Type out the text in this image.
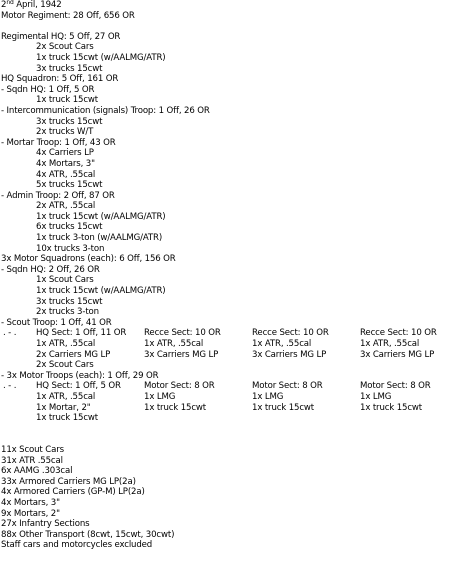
2nd April, 1942
Motor Regiment: 28 Off, 656 OR
Regimental HQ: 5 Off, 27 OR
2x Scout Cars
1x truck 15cwt (w/AALMG/ATR)
3x trucks 15cwt
HQ Squadron: 5 Off, 161 OR
- Sqdn HQ: 1 Off, 5 OR
1x truck 15cwt
- Intercommunication (signals) Troop: 1 Off, 26 OR
3x trucks 15cwt
2x trucks W/T
- Mortar Troop: 1 Off, 43 OR
4x Carriers LP
4x Mortars, 3"
4x ATR, .55cal
5x trucks 15cwt
- Admin Troop: 2 Off, 87 OR
2x ATR, .55cal
1x truck 15cwt (w/AALMG/ATR)
6x trucks 15cwt
1x truck 3-ton (w/AALMG/ATR)
10x trucks 3-ton
3x Motor Squadrons (each): 6 Off, 156 OR
- Sqdn HQ: 2 Off, 26 OR
1x Scout Cars
1x truck 15cwt (w/AALMG/ATR)
3x trucks 15cwt
2x trucks 3-ton
- Scout Troop: 1 Off, 41 OR
. - . HQ Sect: 1 Off, 11 OR Recce Sect: 10 OR	Recce Sect: 10 OR	Recce Sect: 10 OR
1x ATR, .55cal	1x ATR, .55cal	1x ATR, .55cal	1x ATR, .55cal
2x Carriers MG LP	3x Carriers MG LP	3x Carriers MG LP	3x Carriers MG LP
2x Scout Cars
- 3x Motor Troops (each): 1 Off, 29 OR
. - . HQ Sect: 1 Off, 5 OR	Motor Sect: 8 OR	Motor Sect: 8 OR	Motor Sect: 8 OR
1x ATR, .55cal	1x LMG	1x LMG	1x LMG
1x Mortar, 2"	1x truck 15cwt	1x truck 15cwt	1x truck 15cwt
1x truck 15cwt
11x Scout Cars
31x ATR .55cal
6x AAMG .303cal
33x Armored Carriers MG LP(2a)
4x Armored Carriers (GP-M) LP(2a)
4x Mortars, 3"
9x Mortars, 2"
27x Infantry Sections
88x Other Transport (8cwt, 15cwt, 30cwt)
Staff cars and motorcycles excluded
